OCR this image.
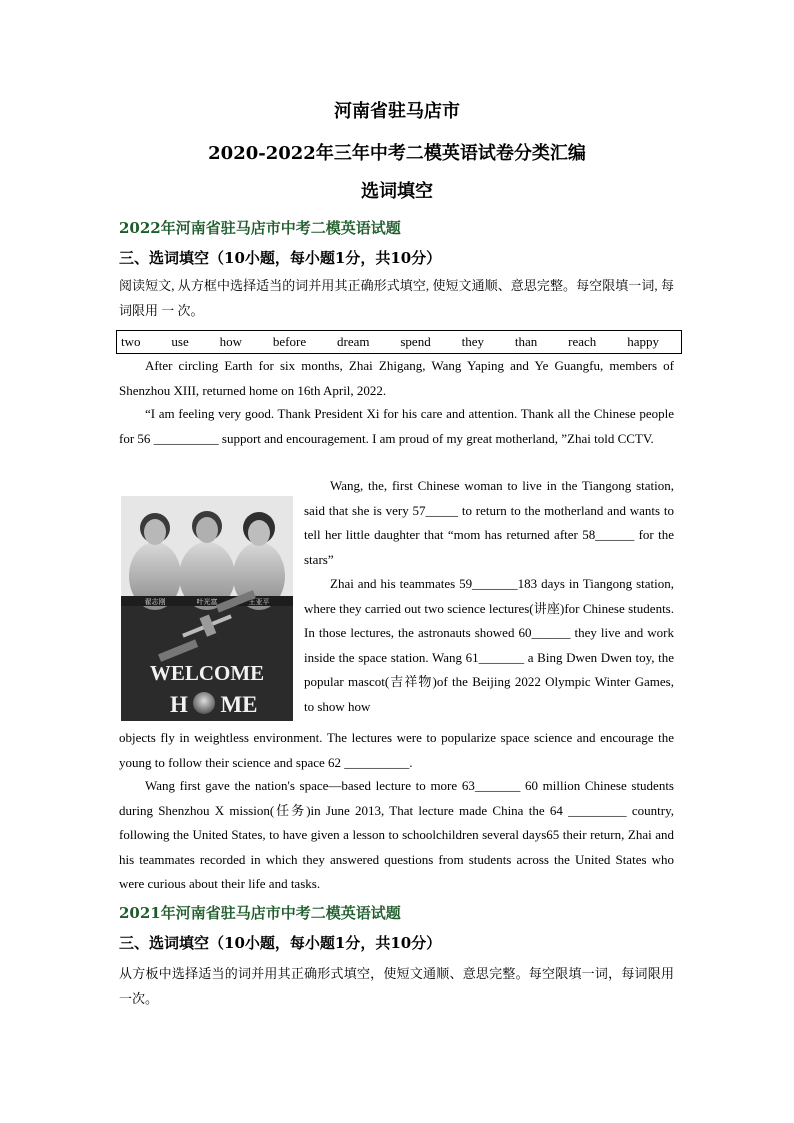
河南省驻马店市
2020-2022年三年中考二模英语试卷分类汇编
选词填空
2022年河南省驻马店市中考二模英语试题
三、选词填空（10小题，每小题1分，共10分）

阅读短文, 从方框中选择适当的词并用其正确形式填空, 使短文通顺、意思完整。每空限填一词, 每词限用 一 次。

two use how before dream spend they than reach happy

After circling Earth for six months, Zhai Zhigang, Wang Yaping and Ye Guangfu, members of Shenzhou XIII, returned home on 16th April, 2022.

“I am feeling very good. Thank President Xi for his care and attention. Thank all the Chinese people for 56 __________ support and encouragement. I am proud of my great motherland, ”Zhai told CCTV.

翟志刚	叶光富	王亚平
WELCOME
H ME

Wang, the, first Chinese woman to live in the Tiangong station, said that she is very 57_____ to return to the motherland and wants to tell her little daughter that “mom has returned after 58______ for the stars”

Zhai and his teammates 59_______183 days in Tiangong station, where they carried out two science lectures(讲座)for Chinese students. In those lectures, the astronauts showed 60______ they live and work inside the space station. Wang 61_______ a Bing Dwen Dwen toy, the popular mascot(吉祥物)of the Beijing 2022 Olympic Winter Games, to show how

objects fly in weightless environment. The lectures were to popularize space science and encourage the young to follow their science and space 62 __________.

Wang first gave the nation's space—based lecture to more 63_______ 60 million Chinese students during Shenzhou X mission(任务)in June 2013, That lecture made China the 64 _________ country, following the United States, to have given a lesson to schoolchildren several days65 their return, Zhai and his teammates recorded in which they answered questions from students across the United States who were curious about their life and tasks.

2021年河南省驻马店市中考二模英语试题
三、选词填空（10小题，每小题1分，共10分）

从方板中选择适当的词并用其正确形式填空，使短文通顺、意思完整。每空限填一词，每词限用一次。
